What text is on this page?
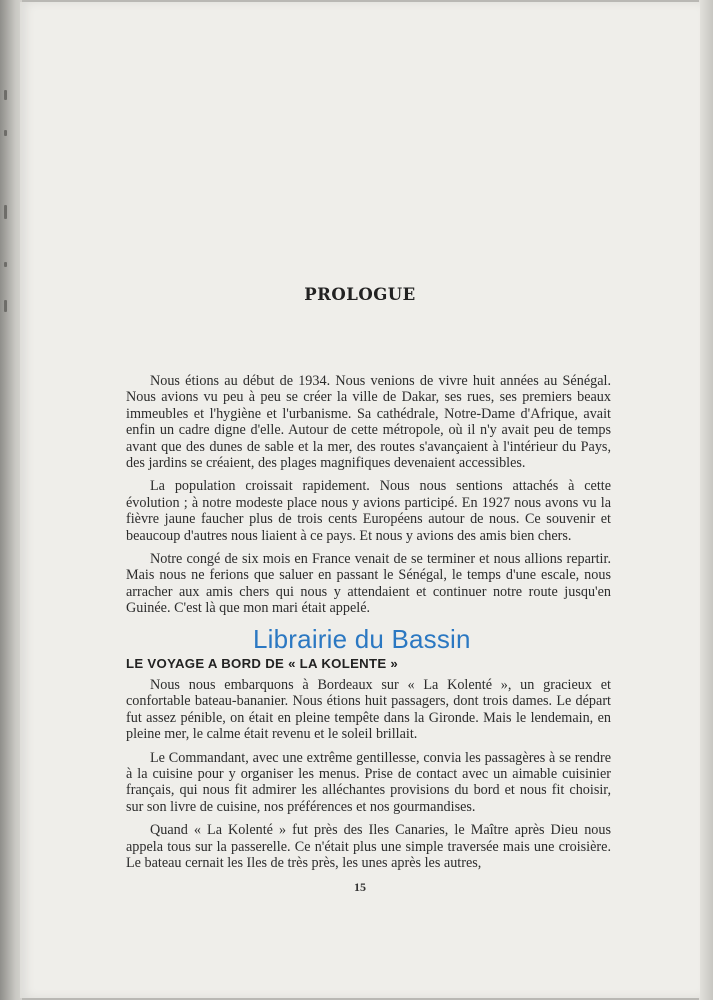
PROLOGUE

Nous étions au début de 1934. Nous venions de vivre huit années au Sénégal. Nous avions vu peu à peu se créer la ville de Dakar, ses rues, ses premiers beaux immeubles et l'hygiène et l'urbanisme. Sa cathédrale, Notre-Dame d'Afrique, avait enfin un cadre digne d'elle. Autour de cette métropole, où il n'y avait peu de temps avant que des dunes de sable et la mer, des routes s'avançaient à l'intérieur du Pays, des jardins se créaient, des plages magnifiques devenaient accessibles.

La population croissait rapidement. Nous nous sentions attachés à cette évolution ; à notre modeste place nous y avions participé. En 1927 nous avons vu la fièvre jaune faucher plus de trois cents Européens autour de nous. Ce souvenir et beaucoup d'autres nous liaient à ce pays. Et nous y avions des amis bien chers.

Notre congé de six mois en France venait de se terminer et nous allions repartir. Mais nous ne ferions que saluer en passant le Sénégal, le temps d'une escale, nous arracher aux amis chers qui nous y attendaient et continuer notre route jusqu'en Guinée. C'est là que mon mari était appelé.

LE VOYAGE A BORD DE « LA KOLENTE »

Nous nous embarquons à Bordeaux sur « La Kolenté », un gracieux et confortable bateau-bananier. Nous étions huit passagers, dont trois dames. Le départ fut assez pénible, on était en pleine tempête dans la Gironde. Mais le lendemain, en pleine mer, le calme était revenu et le soleil brillait.

Le Commandant, avec une extrême gentillesse, convia les passagères à se rendre à la cuisine pour y organiser les menus. Prise de contact avec un aimable cuisinier français, qui nous fit admirer les alléchantes provisions du bord et nous fit choisir, sur son livre de cuisine, nos préférences et nos gourmandises.

Quand « La Kolenté » fut près des Iles Canaries, le Maître après Dieu nous appela tous sur la passerelle. Ce n'était plus une simple traversée mais une croisière. Le bateau cernait les Iles de très près, les unes après les autres,

15
Librairie du Bassin
